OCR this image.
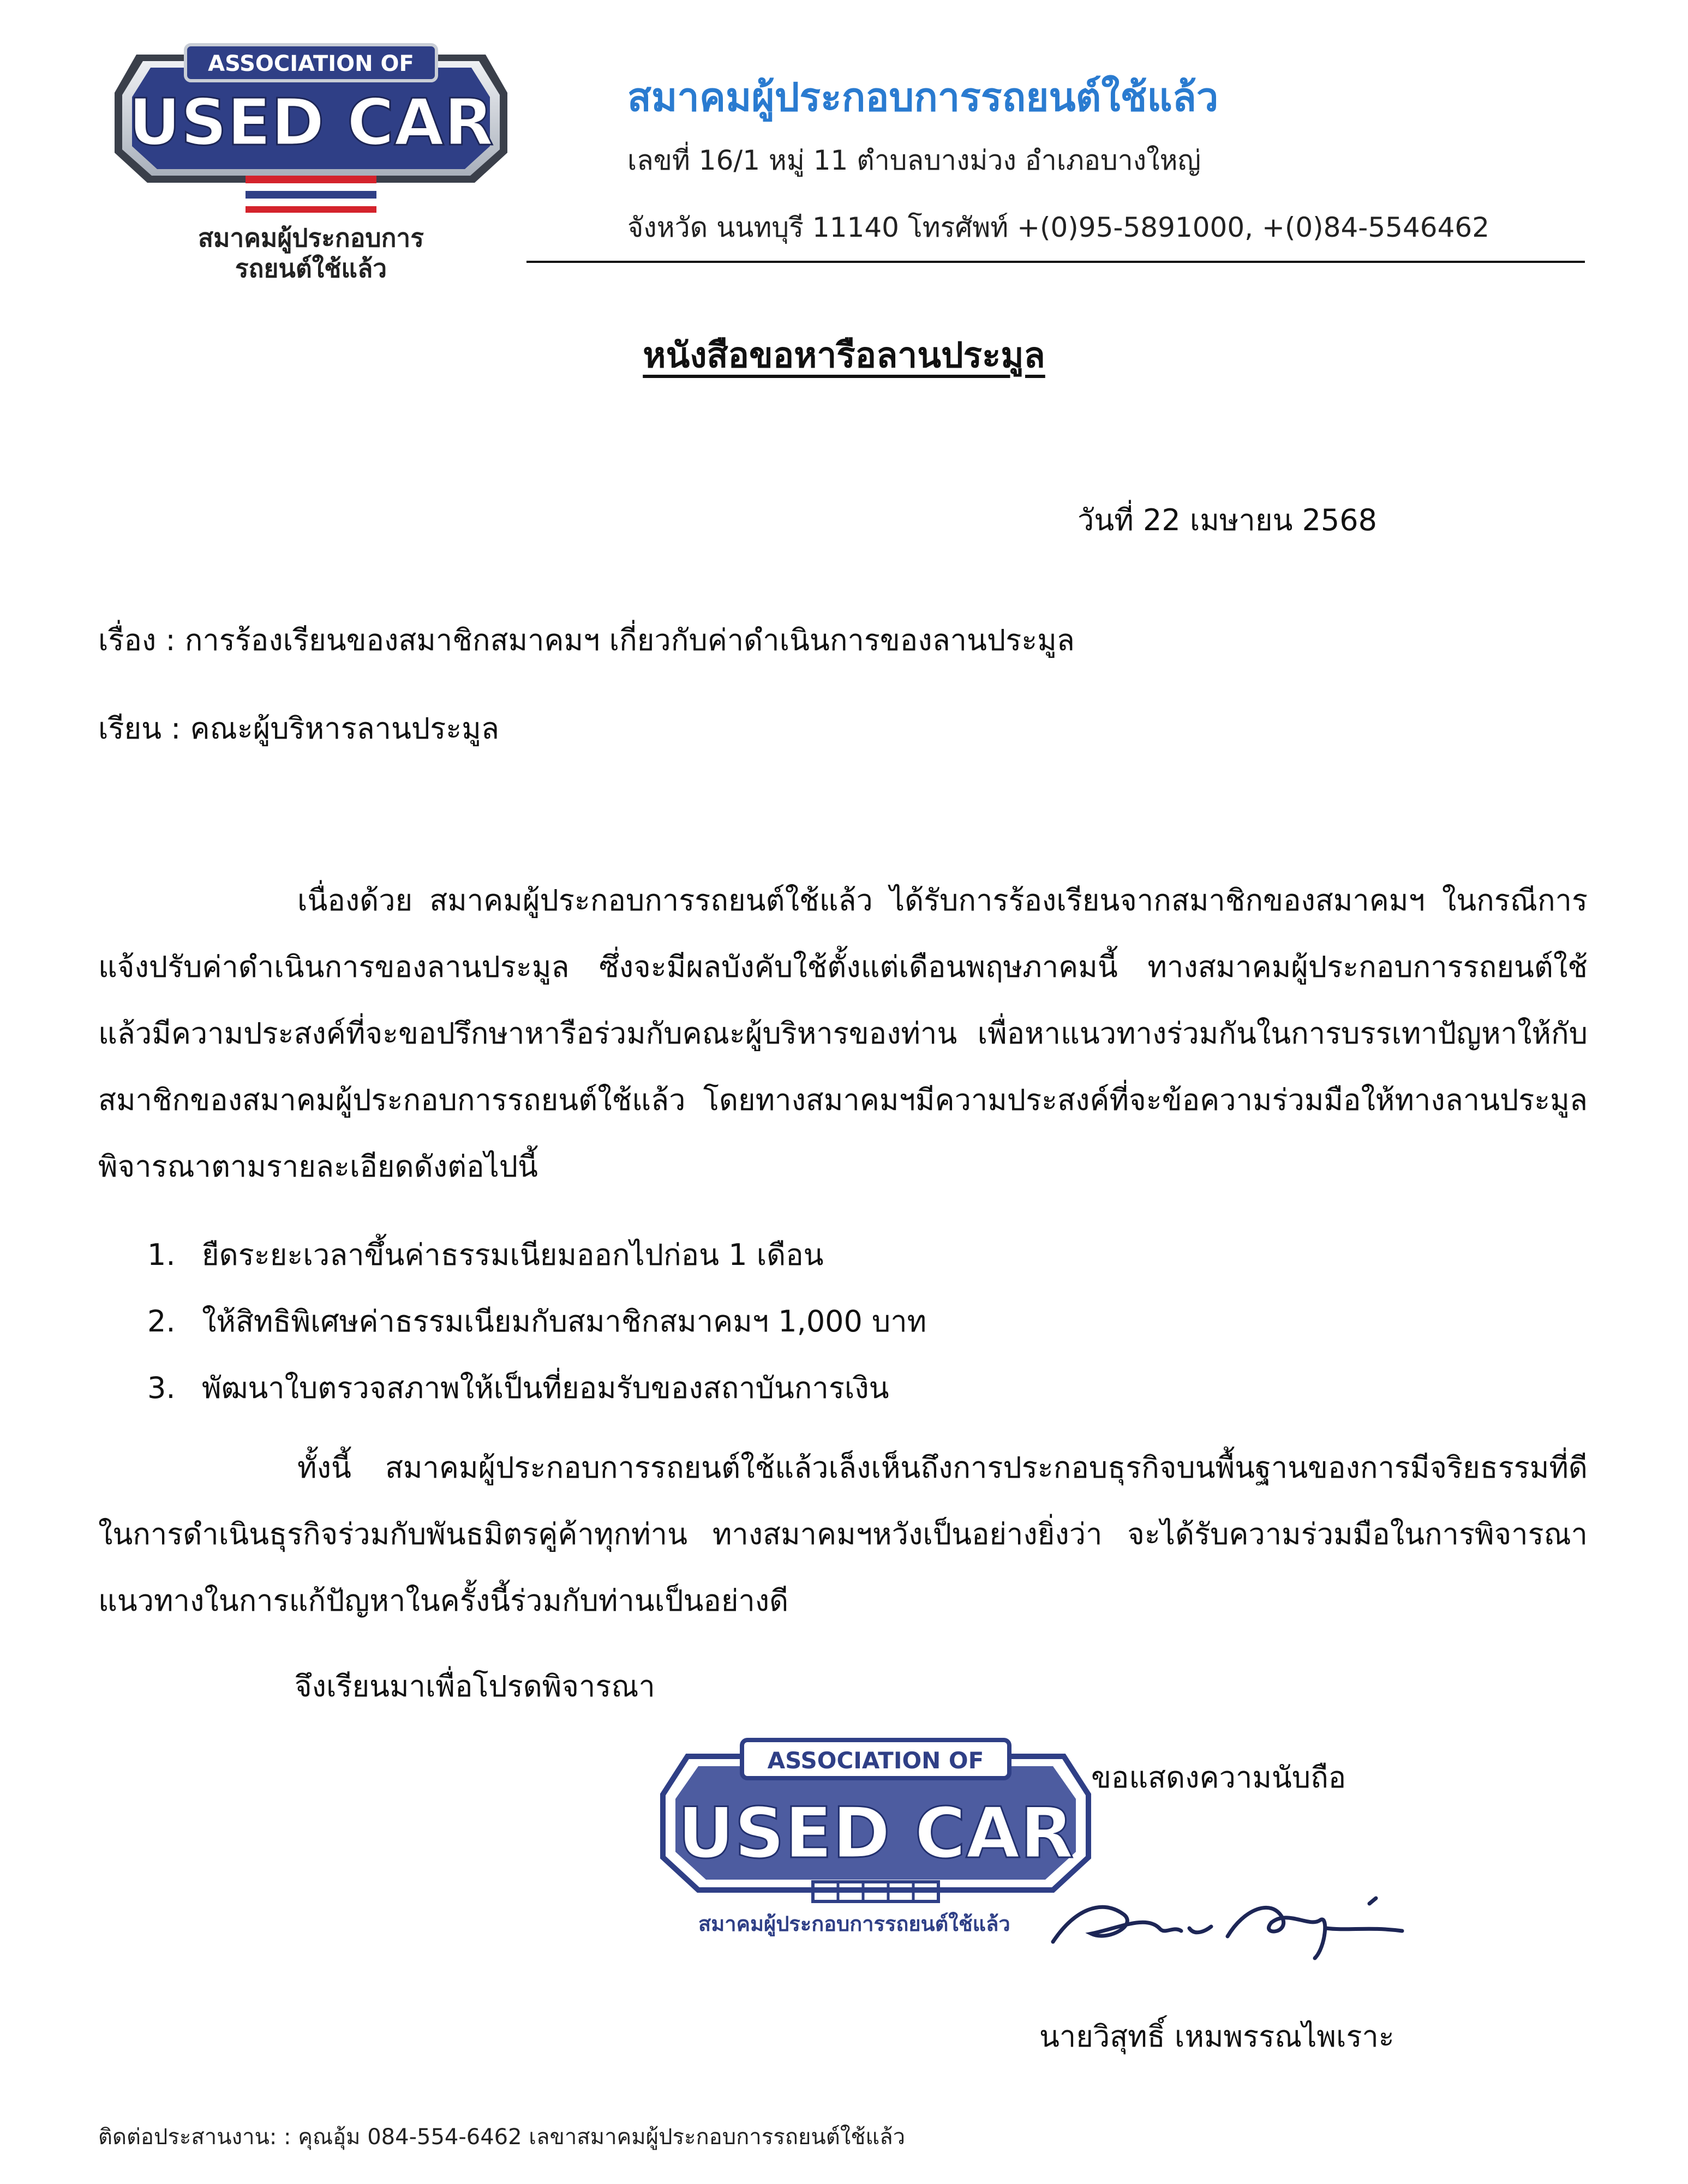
ASSOCIATION OF
USED CAR
สมาคมผู้ประกอบการ
รถยนต์ใช้แล้ว
สมาคมผู้ประกอบการรถยนต์ใช้แล้ว
เลขที่ 16/1 หมู่ 11 ตำบลบางม่วง อำเภอบางใหญ่
จังหวัด นนทบุรี 11140 โทรศัพท์ +(0)95-5891000, +(0)84-5546462
หนังสือขอหารือลานประมูล
วันที่ 22 เมษายน 2568
เรื่อง : การร้องเรียนของสมาชิกสมาคมฯ เกี่ยวกับค่าดำเนินการของลานประมูล
เรียน : คณะผู้บริหารลานประมูล
เนื่องด้วย สมาคมผู้ประกอบการรถยนต์ใช้แล้ว ได้รับการร้องเรียนจากสมาชิกของสมาคมฯ ในกรณีการแจ้งปรับค่าดำเนินการของลานประมูล ซึ่งจะมีผลบังคับใช้ตั้งแต่เดือนพฤษภาคมนี้ ทางสมาคมผู้ประกอบการรถยนต์ใช้แล้วมีความประสงค์ที่จะขอปรึกษาหารือร่วมกับคณะผู้บริหารของท่าน เพื่อหาแนวทางร่วมกันในการบรรเทาปัญหาให้กับสมาชิกของสมาคมผู้ประกอบการรถยนต์ใช้แล้ว โดยทางสมาคมฯมีความประสงค์ที่จะข้อความร่วมมือให้ทางลานประมูลพิจารณาตามรายละเอียดดังต่อไปนี้
1. ยืดระยะเวลาขึ้นค่าธรรมเนียมออกไปก่อน 1 เดือน
2. ให้สิทธิพิเศษค่าธรรมเนียมกับสมาชิกสมาคมฯ 1,000 บาท
3. พัฒนาใบตรวจสภาพให้เป็นที่ยอมรับของสถาบันการเงิน
ทั้งนี้ สมาคมผู้ประกอบการรถยนต์ใช้แล้วเล็งเห็นถึงการประกอบธุรกิจบนพื้นฐานของการมีจริยธรรมที่ดีในการดำเนินธุรกิจร่วมกับพันธมิตรคู่ค้าทุกท่าน ทางสมาคมฯหวังเป็นอย่างยิ่งว่า จะได้รับความร่วมมือในการพิจารณาแนวทางในการแก้ปัญหาในครั้งนี้ร่วมกับท่านเป็นอย่างดี
จึงเรียนมาเพื่อโปรดพิจารณา
ASSOCIATION OF
USED CAR
สมาคมผู้ประกอบการรถยนต์ใช้แล้ว
ขอแสดงความนับถือ
นายวิสุทธิ์ เหมพรรณไพเราะ
ติดต่อประสานงาน: : คุณอุ้ม 084-554-6462 เลขาสมาคมผู้ประกอบการรถยนต์ใช้แล้ว
